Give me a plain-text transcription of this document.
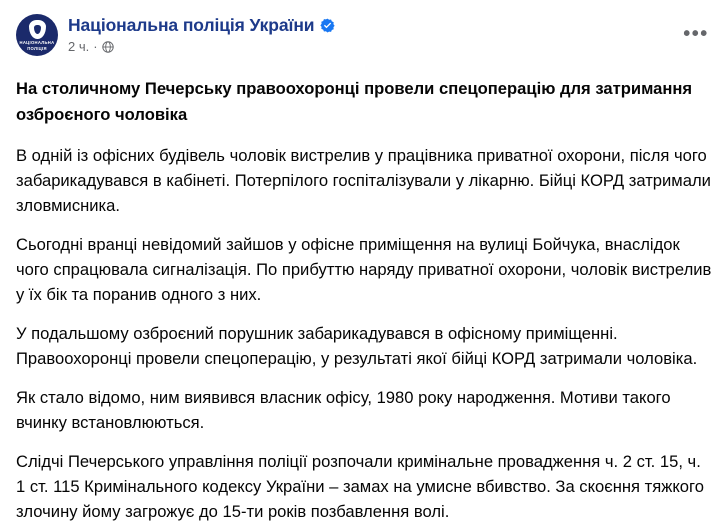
НАЦІОНАЛЬНА
ПОЛІЦІЯ
Національна поліція України
2 ч. ·
•••

На столичному Печерську правоохоронці провели спецоперацію для затримання озброєного чоловіка

В одній із офісних будівель чоловік вистрелив у працівника приватної охорони, після чого забарикадувався в кабінеті. Потерпілого госпіталізували у лікарню. Бійці КОРД затримали зловмисника.

Сьогодні вранці невідомий зайшов у офісне приміщення на вулиці Бойчука, внаслідок чого спрацювала сигналізація. По прибуттю наряду приватної охорони, чоловік вистрелив у їх бік та поранив одного з них.

У подальшому озброєний порушник забарикадувався в офісному приміщенні. Правоохоронці провели спецоперацію, у результаті якої бійці КОРД затримали чоловіка.

Як стало відомо, ним виявився власник офісу, 1980 року народження. Мотиви такого вчинку встановлюються.

Слідчі Печерського управління поліції розпочали кримінальне провадження ч. 2 ст. 15, ч. 1 ст. 115 Кримінального кодексу України – замах на умисне вбивство. За скоєння тяжкого злочину йому загрожує до 15-ти років позбавлення волі.
